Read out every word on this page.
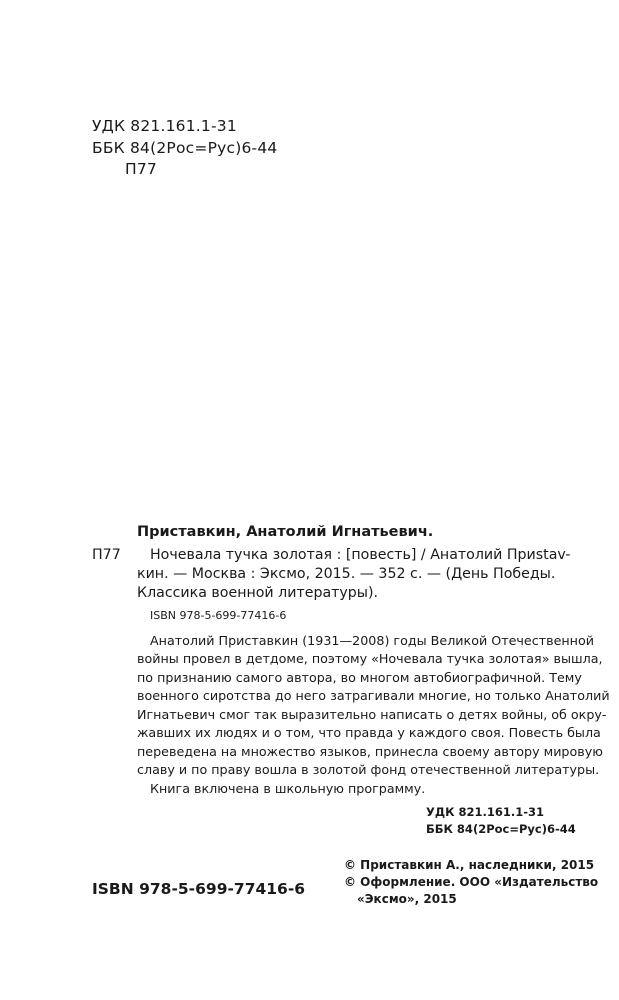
УДК 821.161.1-31
ББК 84(2Рос=Рус)6-44
П77
Приставкин, Анатолий Игнатьевич.
П77 Ночевала тучка золотая : [повесть] / Анатолий Приstav-
кин. — Москва : Эксмо, 2015. — 352 с. — (День Победы.
Классика военной литературы).
ISBN 978-5-699-77416-6
Анатолий Приставкин (1931—2008) годы Великой Отечественной
войны провел в детдоме, поэтому «Ночевала тучка золотая» вышла,
по признанию самого автора, во многом автобиографичной. Тему
военного сиротства до него затрагивали многие, но только Анатолий
Игнатьевич смог так выразительно написать о детях войны, об окру-
жавших их людях и о том, что правда у каждого своя. Повесть была
переведена на множество языков, принесла своему автору мировую
славу и по праву вошла в золотой фонд отечественной литературы.
Книга включена в школьную программу.
УДК 821.161.1-31
ББК 84(2Рос=Рус)6-44
ISBN 978-5-699-77416-6
© Приставкин А., наследники, 2015
© Оформление. ООО «Издательство
«Эксмо», 2015
